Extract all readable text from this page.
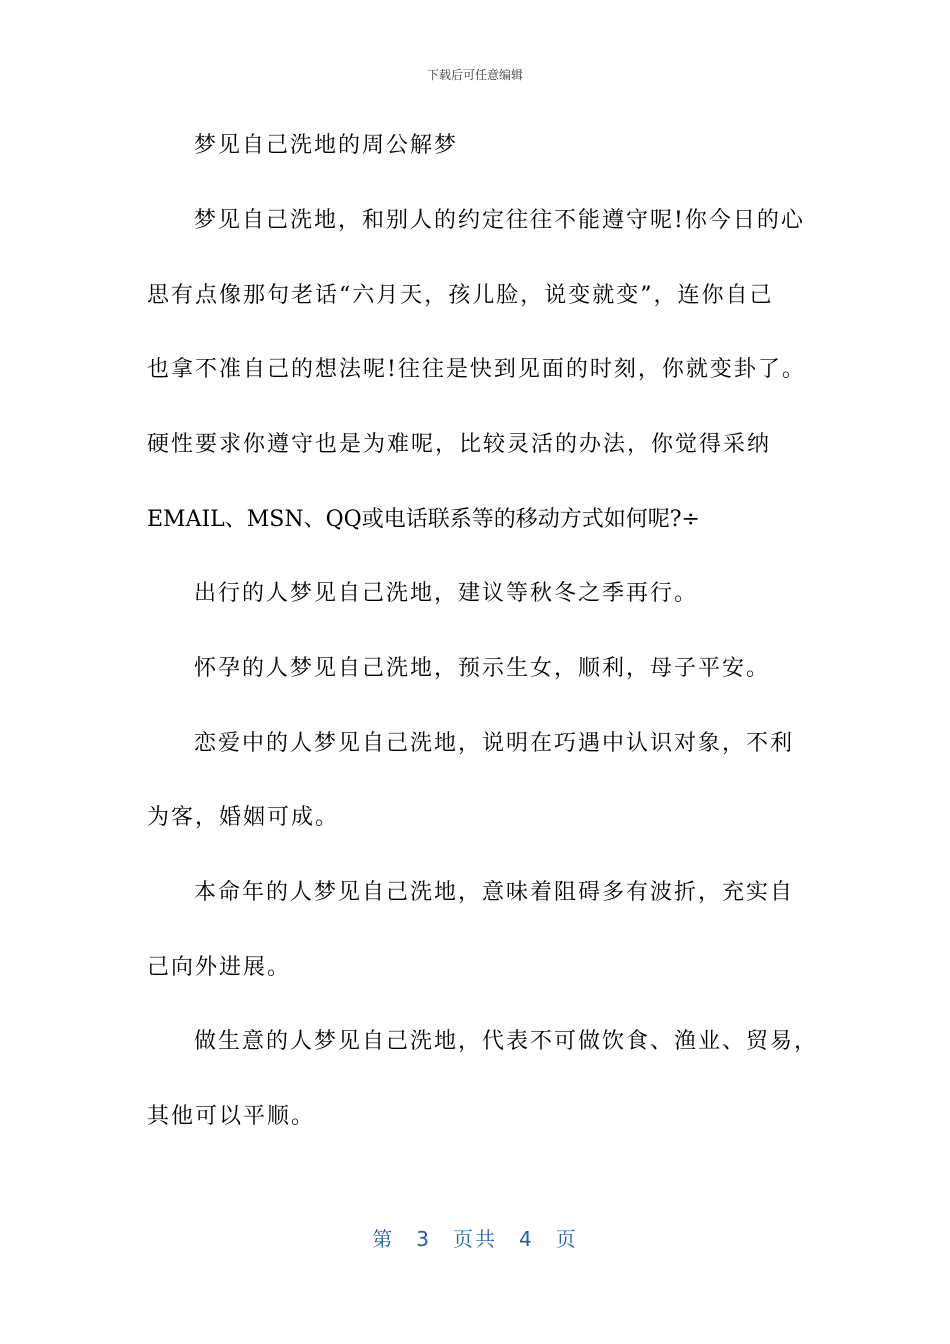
下载后可任意编辑
梦见自己洗地的周公解梦
梦见自己洗地，和别人的约定往往不能遵守呢!你今日的心
思有点像那句老话“六月天，孩儿脸，说变就变”，连你自己
也拿不准自己的想法呢!往往是快到见面的时刻，你就变卦了。
硬性要求你遵守也是为难呢，比较灵活的办法，你觉得采纳
EMAIL、MSN、QQ或电话联系等的移动方式如何呢?÷
出行的人梦见自己洗地，建议等秋冬之季再行。
怀孕的人梦见自己洗地，预示生女，顺利，母子平安。
恋爱中的人梦见自己洗地，说明在巧遇中认识对象，不利
为客，婚姻可成。
本命年的人梦见自己洗地，意味着阻碍多有波折，充实自
己向外进展。
做生意的人梦见自己洗地，代表不可做饮食、渔业、贸易，
其他可以平顺。
第 3 页共 4 页
